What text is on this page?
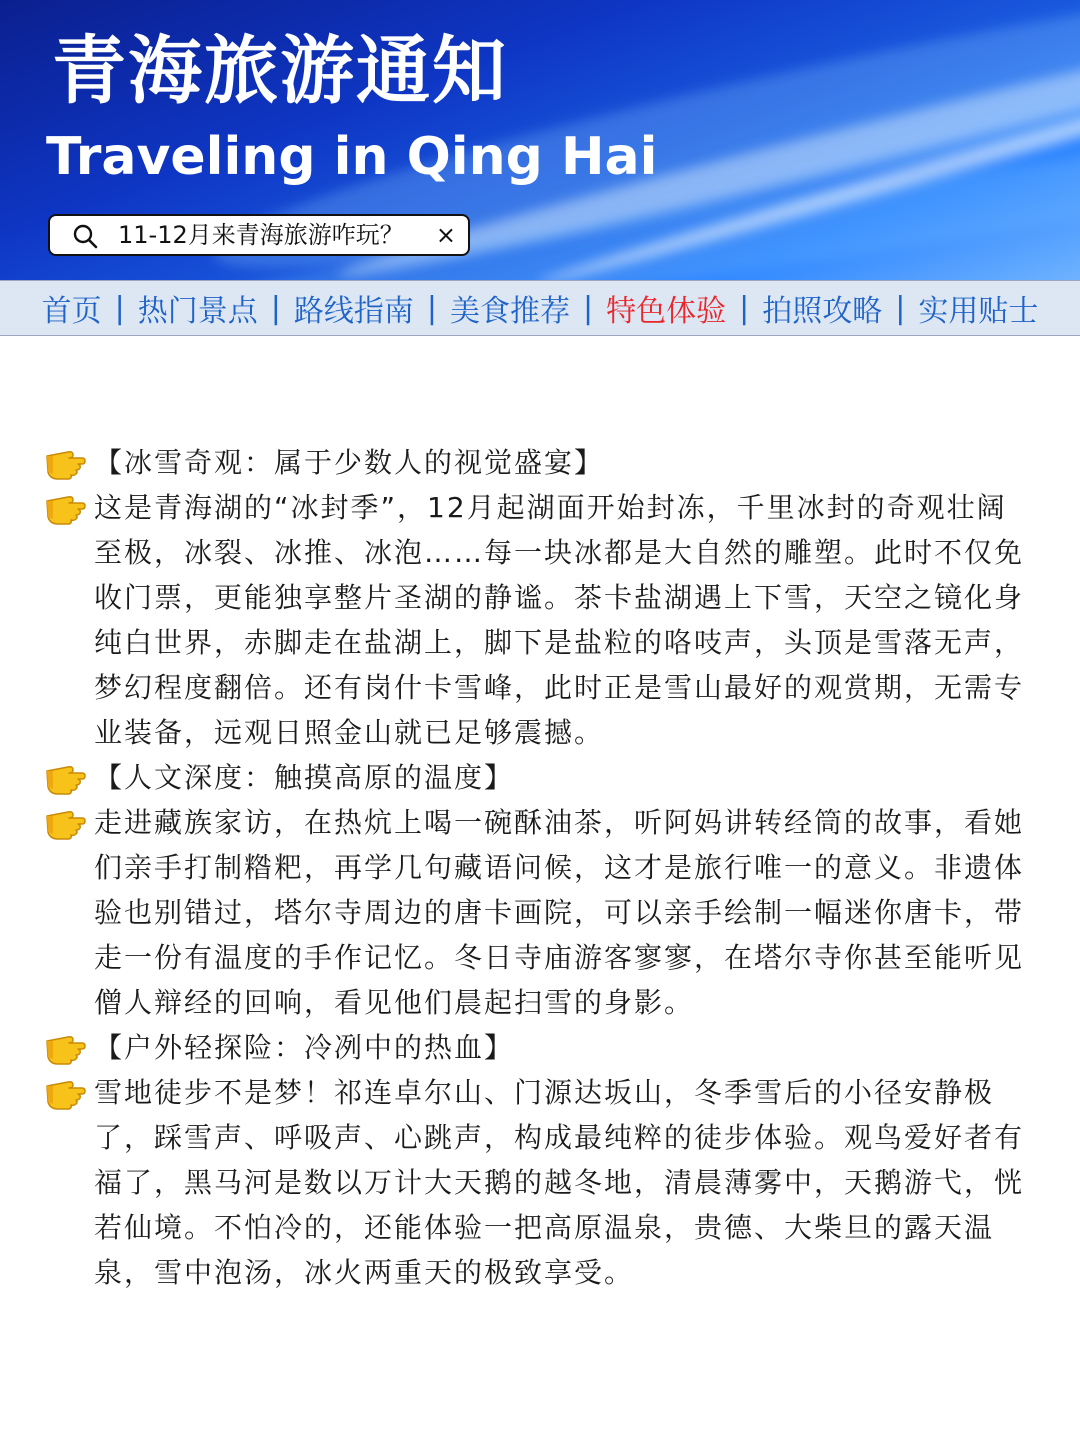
青海旅游通知
Traveling in Qing Hai
11-12月来青海旅游咋玩？ ×
首页 | 热门景点 | 路线指南 | 美食推荐 | 特色体验 | 拍照攻略 | 实用贴士
【冰雪奇观：属于少数人的视觉盛宴】
这是青海湖的“冰封季”，12月起湖面开始封冻，千里冰封的奇观壮阔至极，冰裂、冰推、冰泡……每一块冰都是大自然的雕塑。此时不仅免收门票，更能独享整片圣湖的静谧。茶卡盐湖遇上下雪，天空之镜化身纯白世界，赤脚走在盐湖上，脚下是盐粒的咯吱声，头顶是雪落无声，梦幻程度翻倍。还有岗什卡雪峰，此时正是雪山最好的观赏期，无需专业装备，远观日照金山就已足够震撼。
【人文深度：触摸高原的温度】
走进藏族家访，在热炕上喝一碗酥油茶，听阿妈讲转经筒的故事，看她们亲手打制糌粑，再学几句藏语问候，这才是旅行唯一的意义。非遗体验也别错过，塔尔寺周边的唐卡画院，可以亲手绘制一幅迷你唐卡，带走一份有温度的手作记忆。冬日寺庙游客寥寥，在塔尔寺你甚至能听见僧人辩经的回响，看见他们晨起扫雪的身影。
【户外轻探险：冷冽中的热血】
雪地徒步不是梦！祁连卓尔山、门源达坂山，冬季雪后的小径安静极了，踩雪声、呼吸声、心跳声，构成最纯粹的徒步体验。观鸟爱好者有福了，黑马河是数以万计大天鹅的越冬地，清晨薄雾中，天鹅游弋，恍若仙境。不怕冷的，还能体验一把高原温泉，贵德、大柴旦的露天温泉，雪中泡汤，冰火两重天的极致享受。
